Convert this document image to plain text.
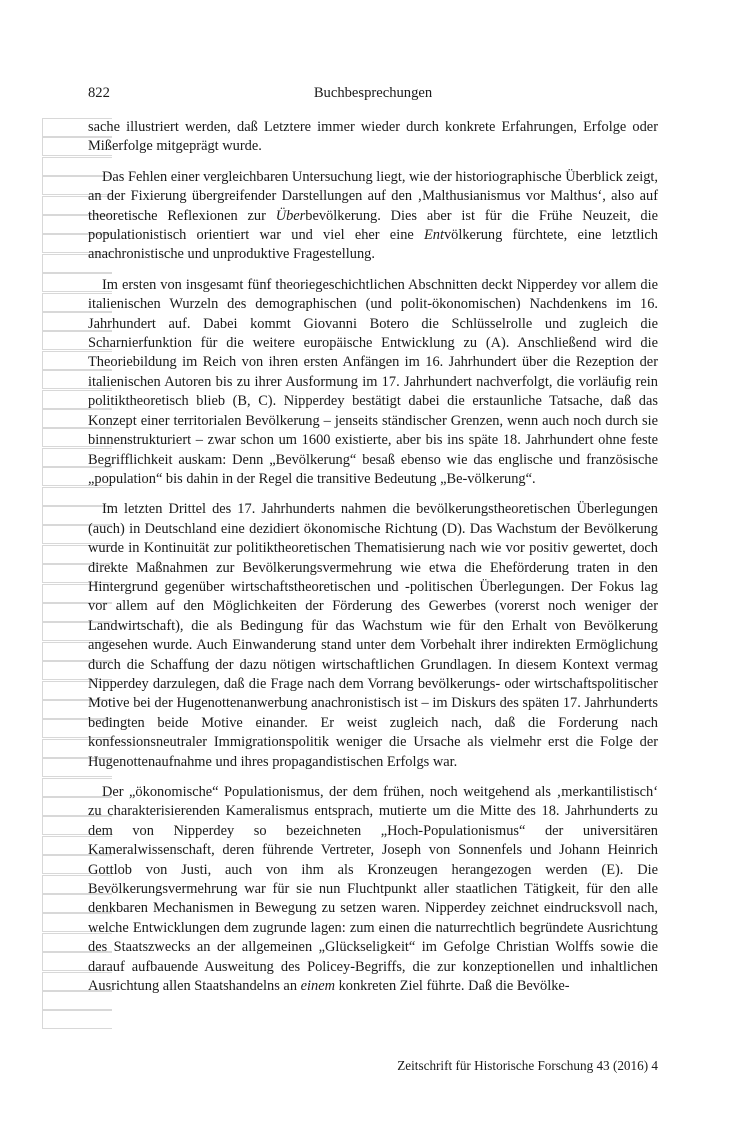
822	Buchbesprechungen

sache illustriert werden, daß Letztere immer wieder durch konkrete Erfahrungen, Erfolge oder Mißerfolge mitgeprägt wurde.

Das Fehlen einer vergleichbaren Untersuchung liegt, wie der historiographische Überblick zeigt, an der Fixierung übergreifender Darstellungen auf den ‚Malthusianismus vor Malthus‘, also auf theoretische Reflexionen zur Überbevölkerung. Dies aber ist für die Frühe Neuzeit, die populationistisch orientiert war und viel eher eine Entvölkerung fürchtete, eine letztlich anachronistische und unproduktive Fragestellung.

Im ersten von insgesamt fünf theoriegeschichtlichen Abschnitten deckt Nipperdey vor allem die italienischen Wurzeln des demographischen (und polit-ökonomischen) Nachdenkens im 16. Jahrhundert auf. Dabei kommt Giovanni Botero die Schlüsselrolle und zugleich die Scharnierfunktion für die weitere europäische Entwicklung zu (A). Anschließend wird die Theoriebildung im Reich von ihren ersten Anfängen im 16. Jahrhundert über die Rezeption der italienischen Autoren bis zu ihrer Ausformung im 17. Jahrhundert nachverfolgt, die vorläufig rein politiktheoretisch blieb (B, C). Nipperdey bestätigt dabei die erstaunliche Tatsache, daß das Konzept einer territorialen Bevölkerung – jenseits ständischer Grenzen, wenn auch noch durch sie binnenstrukturiert – zwar schon um 1600 existierte, aber bis ins späte 18. Jahrhundert ohne feste Begrifflichkeit auskam: Denn „Bevölkerung“ besaß ebenso wie das englische und französische „population“ bis dahin in der Regel die transitive Bedeutung „Be-völkerung“.

Im letzten Drittel des 17. Jahrhunderts nahmen die bevölkerungstheoretischen Überlegungen (auch) in Deutschland eine dezidiert ökonomische Richtung (D). Das Wachstum der Bevölkerung wurde in Kontinuität zur politiktheoretischen Thematisierung nach wie vor positiv gewertet, doch direkte Maßnahmen zur Bevölkerungsvermehrung wie etwa die Eheförderung traten in den Hintergrund gegenüber wirtschaftstheoretischen und -politischen Überlegungen. Der Fokus lag vor allem auf den Möglichkeiten der Förderung des Gewerbes (vorerst noch weniger der Landwirtschaft), die als Bedingung für das Wachstum wie für den Erhalt von Bevölkerung angesehen wurde. Auch Einwanderung stand unter dem Vorbehalt ihrer indirekten Ermöglichung durch die Schaffung der dazu nötigen wirtschaftlichen Grundlagen. In diesem Kontext vermag Nipperdey darzulegen, daß die Frage nach dem Vorrang bevölkerungs- oder wirtschaftspolitischer Motive bei der Hugenottenanwerbung anachronistisch ist – im Diskurs des späten 17. Jahrhunderts bedingten beide Motive einander. Er weist zugleich nach, daß die Forderung nach konfessionsneutraler Immigrationspolitik weniger die Ursache als vielmehr erst die Folge der Hugenottenaufnahme und ihres propagandistischen Erfolgs war.

Der „ökonomische“ Populationismus, der dem frühen, noch weitgehend als ‚merkantilistisch‘ zu charakterisierenden Kameralismus entsprach, mutierte um die Mitte des 18. Jahrhunderts zu dem von Nipperdey so bezeichneten „Hoch-Populationismus“ der universitären Kameralwissenschaft, deren führende Vertreter, Joseph von Sonnenfels und Johann Heinrich Gottlob von Justi, auch von ihm als Kronzeugen herangezogen werden (E). Die Bevölkerungsvermehrung war für sie nun Fluchtpunkt aller staatlichen Tätigkeit, für den alle denkbaren Mechanismen in Bewegung zu setzen waren. Nipperdey zeichnet eindrucksvoll nach, welche Entwicklungen dem zugrunde lagen: zum einen die naturrechtlich begründete Ausrichtung des Staatszwecks an der allgemeinen „Glückseligkeit“ im Gefolge Christian Wolffs sowie die darauf aufbauende Ausweitung des Policey-Begriffs, die zur konzeptionellen und inhaltlichen Ausrichtung allen Staatshandelns an einem konkreten Ziel führte. Daß die Bevölke-

Zeitschrift für Historische Forschung 43 (2016) 4
